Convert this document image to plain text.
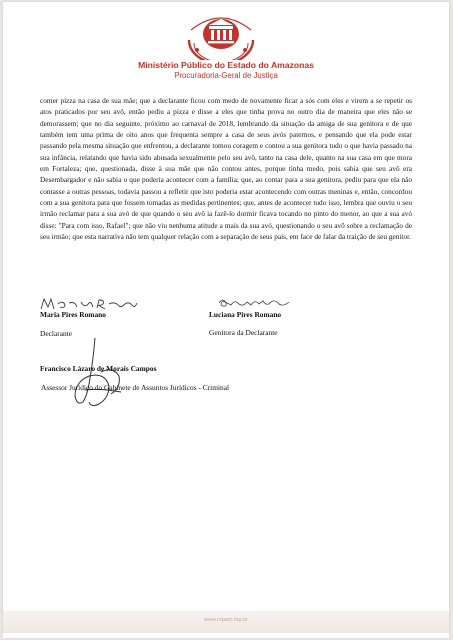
Ministério Público do Estado do Amazonas
Procuradoria-Geral de Justiça

comer pizza na casa de sua mãe; que a declarante ficou com medo de novamente ficar a sós com eles e virem a se repetir os atos praticados por seu avô, então pediu a pizza e disse a eles que tinha prova no outro dia de maneira que eles não se demorassem; que no dia seguinte, próximo ao carnaval de 2018, lembrando da situação da amiga de sua genitora e de que também tem uma prima de oito anos que frequenta sempre a casa de seus avós paternos, e pensando que ela pode estar passando pela mesma situação que enfrentou, a declarante tomou coragem e contou a sua genitora tudo o que havia passado na sua infância, relatando que havia sido abusada sexualmente pelo seu avô, tanto na casa dele, quanto na sua casa em que mora em Fortaleza; que, questionada, disse à sua mãe que não contou antes, porque tinha medo, pois sabia que seu avô era Desembargador e não sabia o que poderia acontecer com a família; que, ao contar para a sua genitora, pediu para que ela não contasse a outras pessoas, todavia passou a refletir que isto poderia estar acontecendo com outras meninas e, então, concordou com a sua genitora para que fossem tomadas as medidas pertinentes; que, antes de acontecer tudo isso, lembra que ouviu o seu irmão reclamar para a sua avó de que quando o seu avô ia fazê-lo dormir ficava tocando no pinto do menor, ao que a sua avó disse: "Para com isso, Rafael"; que não viu nenhuma atitude a mais da sua avó, questionando o seu avô sobre a reclamação de seu irmão; que esta narrativa não tem qualquer relação com a separação de seus pais, em face de falar da traição de seu genitor.

Maria Pires Romano
Declarante
Luciana Pires Romano
Genitora da Declarante
Francisco Lázaro de Morais Campos
Assessor Jurídico do Gabinete de Assuntos Jurídicos - Criminal
www.mpam.mp.br
